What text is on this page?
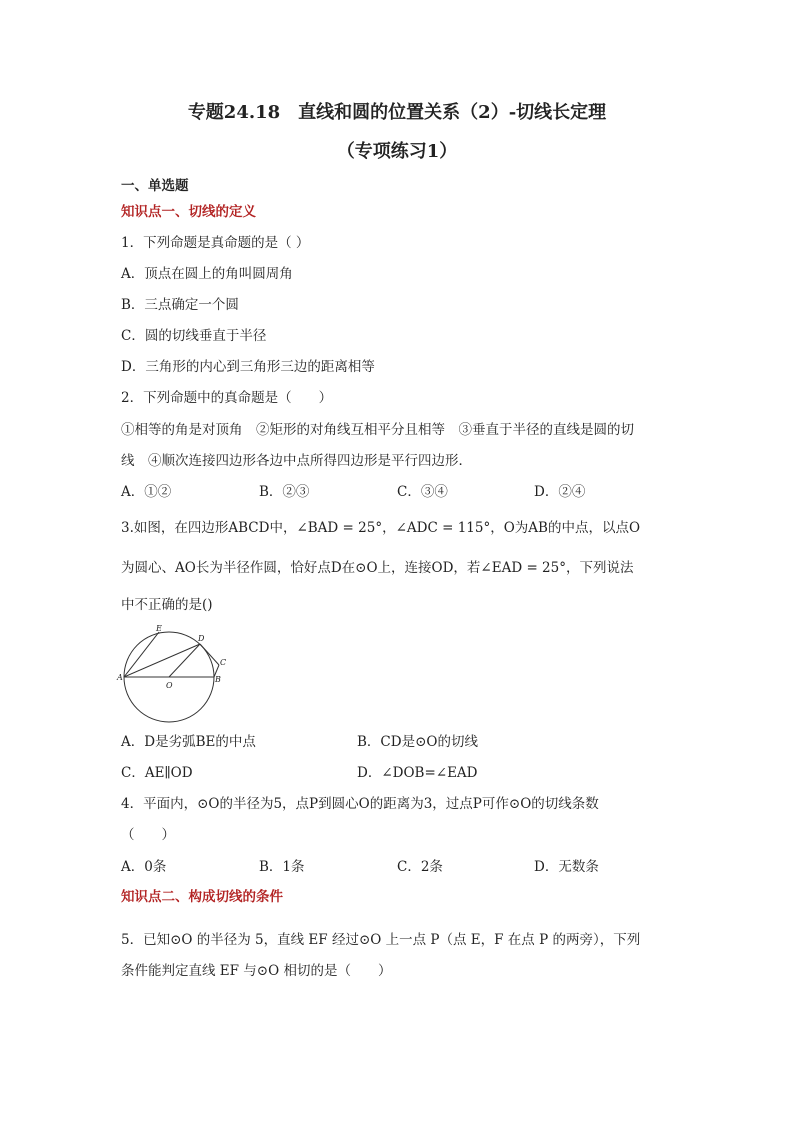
专题24.18　直线和圆的位置关系（2）-切线长定理
（专项练习1）
一、单选题
知识点一、切线的定义
1．下列命题是真命题的是（ ）
A．顶点在圆上的角叫圆周角
B．三点确定一个圆
C．圆的切线垂直于半径
D．三角形的内心到三角形三边的距离相等
2．下列命题中的真命题是（　　）
①相等的角是对顶角　②矩形的对角线互相平分且相等　③垂直于半径的直线是圆的切
线　④顺次连接四边形各边中点所得四边形是平行四边形．
A．①②	B．②③	C．③④	D．②④
3.如图，在四边形ABCD中，∠BAD = 25°，∠ADC = 115°，O为AB的中点，以点O
为圆心、AO长为半径作圆，恰好点D在⊙O上，连接OD，若∠EAD = 25°，下列说法
中不正确的是()
A	B
C
D
E
O
A．D是劣弧BE的中点	B．CD是⊙O的切线
C．AE∥OD	D．∠DOB=∠EAD
4．平面内，⊙O的半径为5，点P到圆心O的距离为3，过点P可作⊙O的切线条数
（　　）
A．0条	B．1条	C．2条	D．无数条
知识点二、构成切线的条件
5．已知⊙O 的半径为 5，直线 EF 经过⊙O 上一点 P（点 E，F 在点 P 的两旁），下列
条件能判定直线 EF 与⊙O 相切的是（　　）
